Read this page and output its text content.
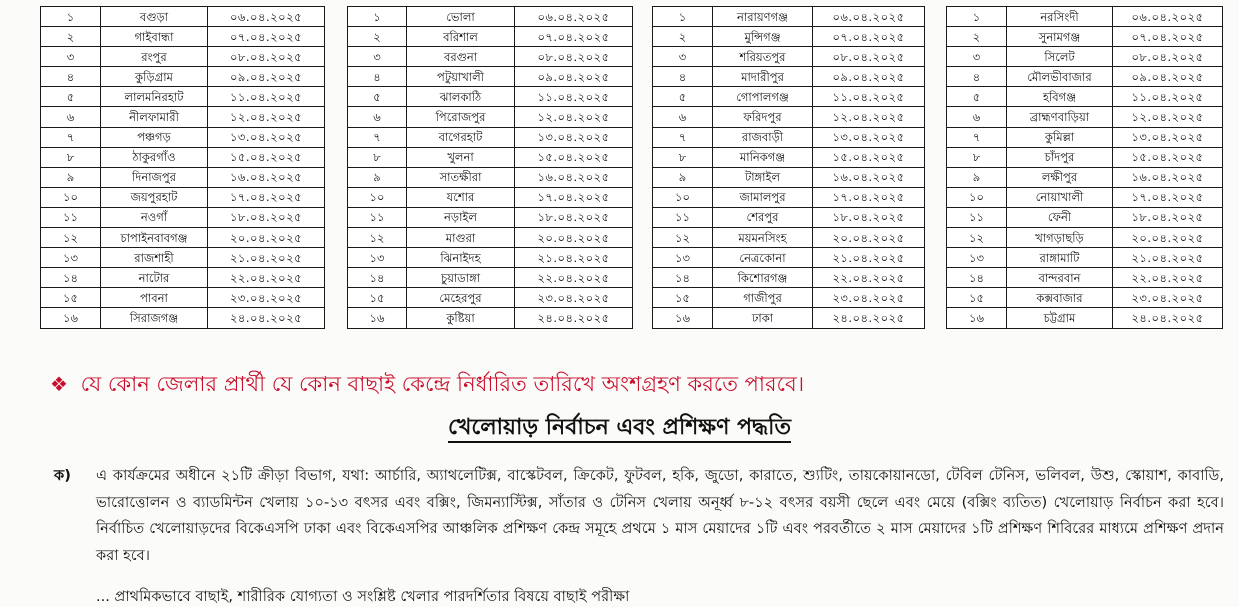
১	বগুড়া	০৬.০৪.২০২৫
২	গাইবান্ধা	০৭.০৪.২০২৫
৩	রংপুর	০৮.০৪.২০২৫
৪	কুড়িগ্রাম	০৯.০৪.২০২৫
৫	লালমনিরহাট	১১.০৪.২০২৫
৬	নীলফামারী	১২.০৪.২০২৫
৭	পঞ্চগড়	১৩.০৪.২০২৫
৮	ঠাকুরগাঁও	১৫.০৪.২০২৫
৯	দিনাজপুর	১৬.০৪.২০২৫
১০	জয়পুরহাট	১৭.০৪.২০২৫
১১	নওগাঁ	১৮.০৪.২০২৫
১২	চাপাইনবাবগঞ্জ	২০.০৪.২০২৫
১৩	রাজশাহী	২১.০৪.২০২৫
১৪	নাটোর	২২.০৪.২০২৫
১৫	পাবনা	২৩.০৪.২০২৫
১৬	সিরাজগঞ্জ	২৪.০৪.২০২৫
১	ভোলা	০৬.০৪.২০২৫
২	বরিশাল	০৭.০৪.২০২৫
৩	বরগুনা	০৮.০৪.২০২৫
৪	পটুয়াখালী	০৯.০৪.২০২৫
৫	ঝালকাঠি	১১.০৪.২০২৫
৬	পিরোজপুর	১২.০৪.২০২৫
৭	বাগেরহাট	১৩.০৪.২০২৫
৮	খুলনা	১৫.০৪.২০২৫
৯	সাতক্ষীরা	১৬.০৪.২০২৫
১০	যশোর	১৭.০৪.২০২৫
১১	নড়াইল	১৮.০৪.২০২৫
১২	মাগুরা	২০.০৪.২০২৫
১৩	ঝিনাইদহ	২১.০৪.২০২৫
১৪	চুয়াডাঙ্গা	২২.০৪.২০২৫
১৫	মেহেরপুর	২৩.০৪.২০২৫
১৬	কুষ্টিয়া	২৪.০৪.২০২৫
১	নারায়ণগঞ্জ	০৬.০৪.২০২৫
২	মুন্সিগঞ্জ	০৭.০৪.২০২৫
৩	শরিয়তপুর	০৮.০৪.২০২৫
৪	মাদারীপুর	০৯.০৪.২০২৫
৫	গোপালগঞ্জ	১১.০৪.২০২৫
৬	ফরিদপুর	১২.০৪.২০২৫
৭	রাজবাড়ী	১৩.০৪.২০২৫
৮	মানিকগঞ্জ	১৫.০৪.২০২৫
৯	টাঙ্গাইল	১৬.০৪.২০২৫
১০	জামালপুর	১৭.০৪.২০২৫
১১	শেরপুর	১৮.০৪.২০২৫
১২	ময়মনসিংহ	২০.০৪.২০২৫
১৩	নেত্রকোনা	২১.০৪.২০২৫
১৪	কিশোরগঞ্জ	২২.০৪.২০২৫
১৫	গাজীপুর	২৩.০৪.২০২৫
১৬	ঢাকা	২৪.০৪.২০২৫
১	নরসিংদী	০৬.০৪.২০২৫
২	সুনামগঞ্জ	০৭.০৪.২০২৫
৩	সিলেট	০৮.০৪.২০২৫
৪	মৌলভীবাজার	০৯.০৪.২০২৫
৫	হবিগঞ্জ	১১.০৪.২০২৫
৬	ব্রাহ্মণবাড়িয়া	১২.০৪.২০২৫
৭	কুমিল্লা	১৩.০৪.২০২৫
৮	চাঁদপুর	১৫.০৪.২০২৫
৯	লক্ষীপুর	১৬.০৪.২০২৫
১০	নোয়াখালী	১৭.০৪.২০২৫
১১	ফেনী	১৮.০৪.২০২৫
১২	খাগড়াছড়ি	২০.০৪.২০২৫
১৩	রাঙ্গামাটি	২১.০৪.২০২৫
১৪	বান্দরবান	২২.০৪.২০২৫
১৫	কক্সবাজার	২৩.০৪.২০২৫
১৬	চট্টগ্রাম	২৪.০৪.২০২৫
❖ যে কোন জেলার প্রার্থী যে কোন বাছাই কেন্দ্রে নির্ধারিত তারিখে অংশগ্রহণ করতে পারবে।
খেলোয়াড় নির্বাচন এবং প্রশিক্ষণ পদ্ধতি
ক) এ কার্যক্রমের অধীনে ২১টি ক্রীড়া বিভাগ, যথা: আর্চারি, অ্যাথলেটিক্স, বাস্কেটবল, ক্রিকেট, ফুটবল, হকি, জুডো, কারাতে, শ্যুটিং, তায়কোয়ানডো, টেবিল টেনিস, ভলিবল, উশু, স্কোয়াশ, কাবাডি, ভারোত্তোলন ও ব্যাডমিন্টন খেলায় ১০-১৩ বৎসর এবং বক্সিং, জিমন্যাস্টিক্স, সাঁতার ও টেনিস খেলায় অনূর্ধ্ব ৮-১২ বৎসর বয়সী ছেলে এবং মেয়ে (বক্সিং ব্যতিত) খেলোয়াড় নির্বাচন করা হবে। নির্বাচিত খেলোয়াড়দের বিকেএসপি ঢাকা এবং বিকেএসপির আঞ্চলিক প্রশিক্ষণ কেন্দ্র সমূহে প্রথমে ১ মাস মেয়াদের ১টি এবং পরবর্তীতে ২ মাস মেয়াদের ১টি প্রশিক্ষণ শিবিরের মাধ্যমে প্রশিক্ষণ প্রদান করা হবে।
... প্রাথমিকভাবে বাছাই, শারীরিক যোগ্যতা ও সংশ্লিষ্ট খেলার পারদর্শিতার বিষয়ে বাছাই পরীক্ষা
